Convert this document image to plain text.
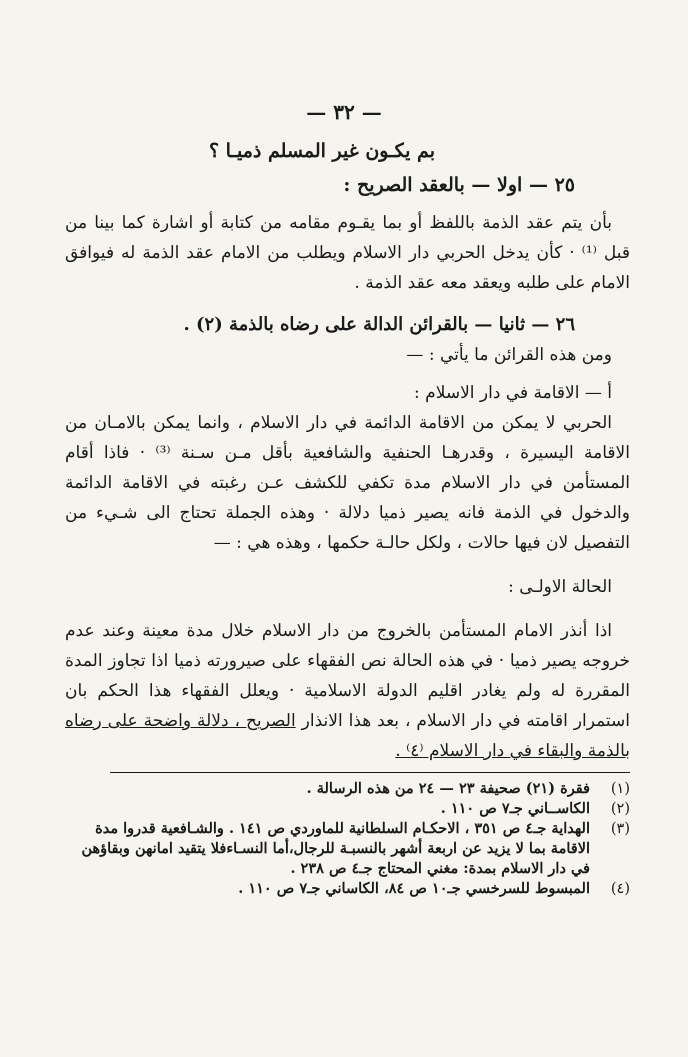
— ٣٢ —

بم يكـون غير المسلم ذميـا ؟

٢٥ — اولا — بالعقد الصريح :

بأن يتم عقد الذمة باللفظ أو بما يقـوم مقامه من كتابة أو اشارة كما بينا من قبل ⁽¹⁾ · كأن يدخل الحربي دار الاسلام ويطلب من الامام عقد الذمة له فيوافق الامام على طلبه ويعقد معه عقد الذمة .

٢٦ — ثانيا — بالقرائن الدالة على رضاه بالذمة (٢) .

ومن هذه القرائن ما يأتي : —

أ — الاقامة في دار الاسلام :

الحربي لا يمكن من الاقامة الدائمة في دار الاسلام ، وانما يمكن بالامـان من الاقامة اليسيرة ، وقدرهـا الحنفية والشافعية بأقل مـن سـنة ⁽³⁾ · فاذا أقام المستأمن في دار الاسلام مدة تكفي للكشف عـن رغبته في الاقامة الدائمة والدخول في الذمة فانه يصير ذميا دلالة · وهذه الجملة تحتاج الى شـيء من التفصيل لان فيها حالات ، ولكل حالـة حكمها ، وهذه هي : —

الحالة الاولـى :

اذا أنذر الامام المستأمن بالخروج من دار الاسلام خلال مدة معينة وعند عدم خروجه يصير ذميا · في هذه الحالة نص الفقهاء على صيرورته ذميا اذا تجاوز المدة المقررة له ولم يغادر اقليم الدولة الاسلامية · ويعلل الفقهاء هذا الحكم بان استمرار اقامته في دار الاسلام ، بعد هذا الانذار الصريح ، دلالة واضحة على رضاه بالذمة والبقاء في دار الاسلام ⁽٤⁾ .

(١)
فقرة (٢١) صحيفة ٢٣ — ٢٤ من هذه الرسالة .
(٢)
الكاســاني جـ٧ ص ١١٠ .
(٣)
الهداية جـ٤ ص ٣٥١ ، الاحكـام السلطانية للماوردي ص ١٤١ . والشـافعية قدروا مدة الاقامة بما لا يزيد عن اربعة أشهر بالنسبـة للرجال،أما النسـاءفلا يتقيد امانهن وبقاؤهن في دار الاسلام بمدة: مغني المحتاج جـ٤ ص ٢٣٨ .
(٤)
المبسوط للسرخسي جـ١٠ ص ٨٤، الكاساني جـ٧ ص ١١٠ .
